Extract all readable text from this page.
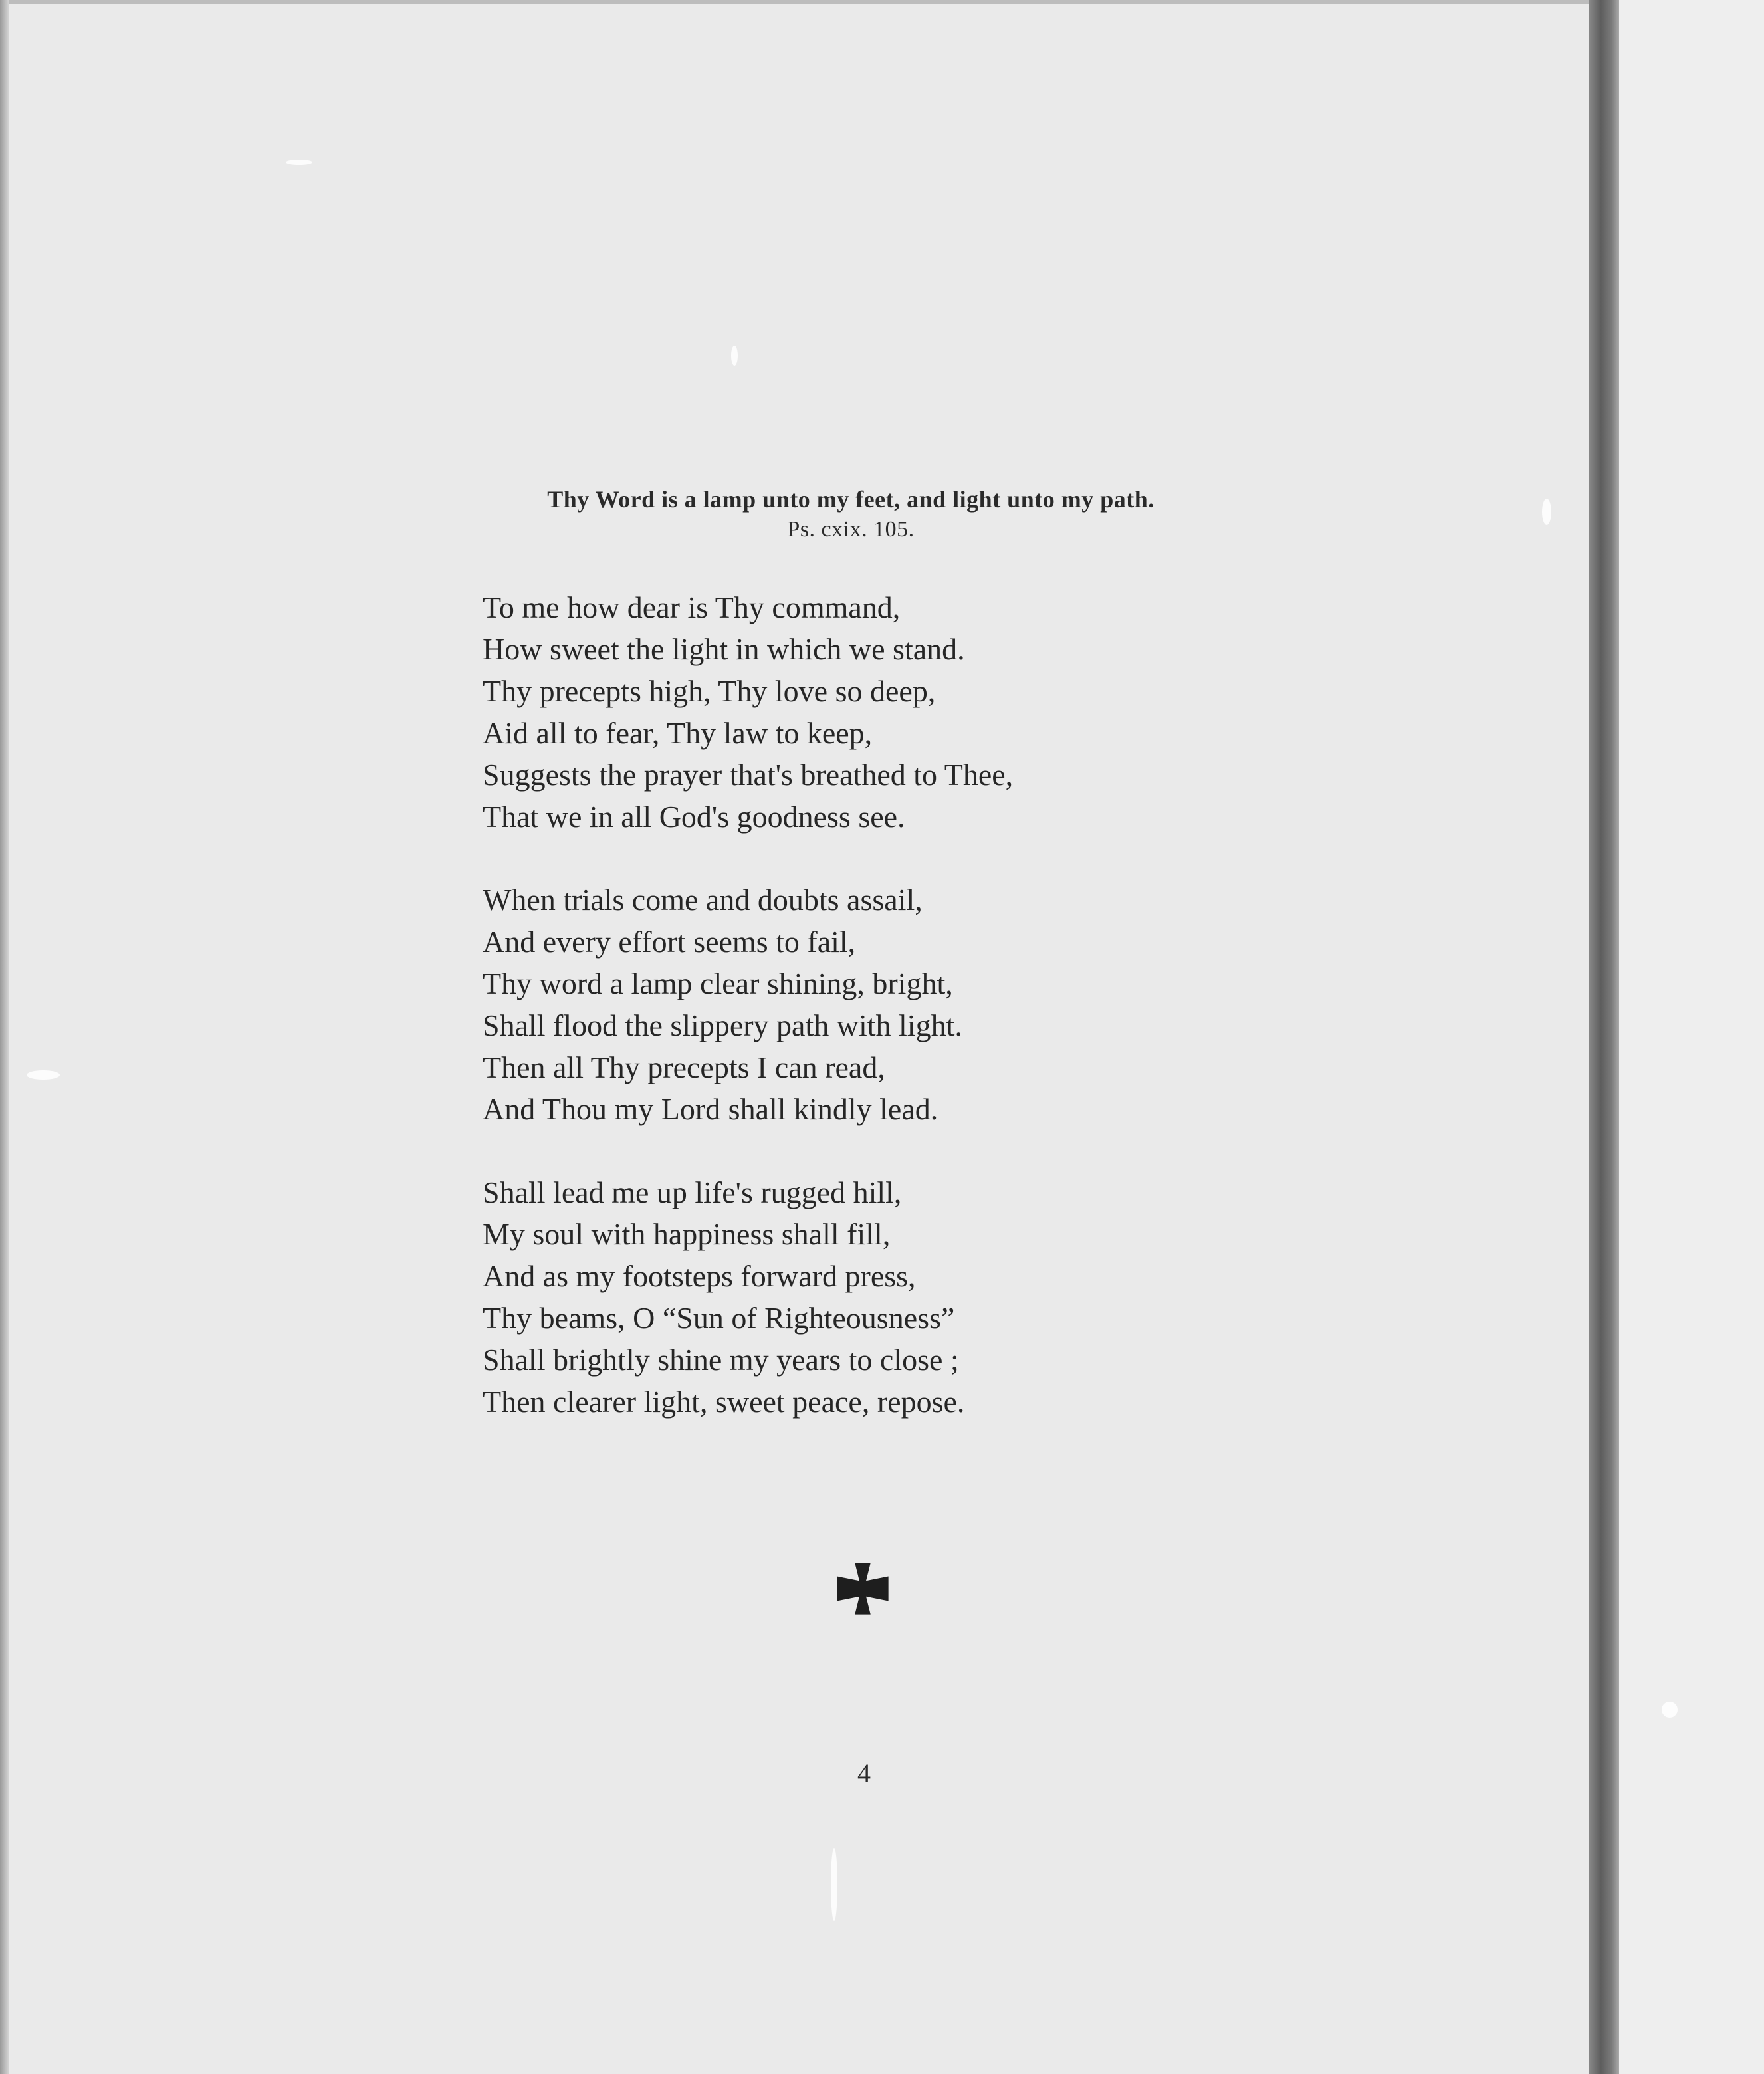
Thy Word is a lamp unto my feet, and light unto my path.
Ps. cxix. 105.
To me how dear is Thy command,
How sweet the light in which we stand.
Thy precepts high, Thy love so deep,
Aid all to fear, Thy law to keep,
Suggests the prayer that's breathed to Thee,
That we in all God's goodness see.
When trials come and doubts assail,
And every effort seems to fail,
Thy word a lamp clear shining, bright,
Shall flood the slippery path with light.
Then all Thy precepts I can read,
And Thou my Lord shall kindly lead.
Shall lead me up life's rugged hill,
My soul with happiness shall fill,
And as my footsteps forward press,
Thy beams, O “Sun of Righteousness”
Shall brightly shine my years to close ;
Then clearer light, sweet peace, repose.
4
